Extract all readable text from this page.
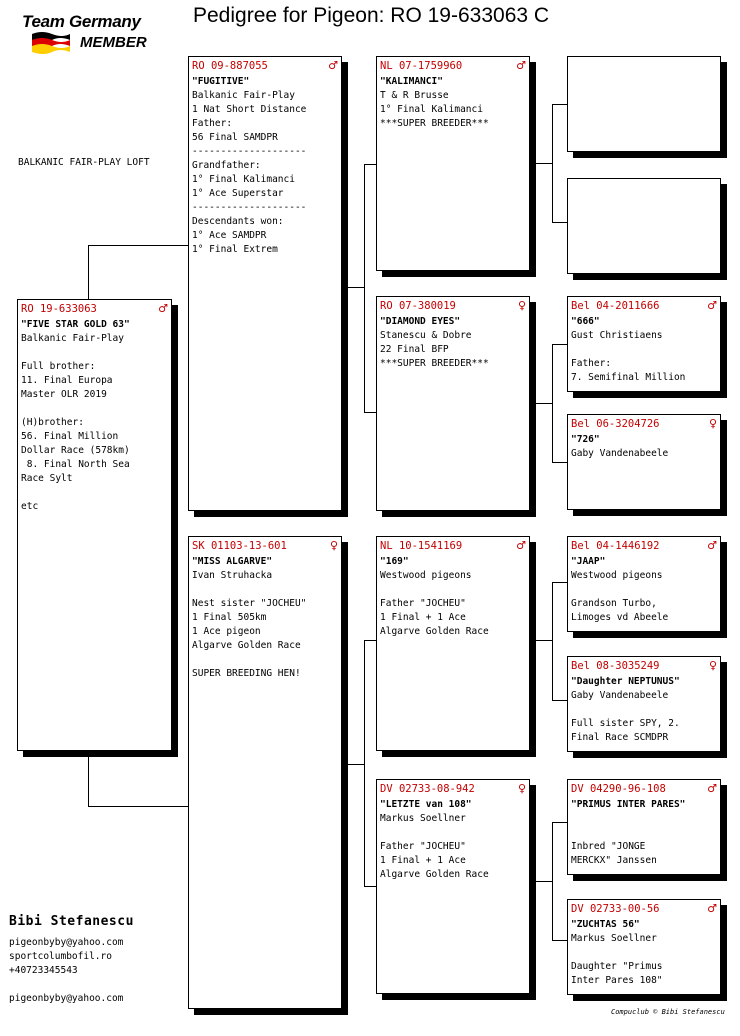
Team Germany
MEMBER
Pedigree for Pigeon: RO 19-633063 C
BALKANIC FAIR-PLAY LOFT
RO 19-633063	♂
"FIVE STAR GOLD 63"
Balkanic Fair-Play
Full brother:
11. Final Europa
Master OLR 2019
(H)brother:
56. Final Million
Dollar Race (578km)
8. Final North Sea
Race Sylt
etc
RO 09-887055	♂
"FUGITIVE"
Balkanic Fair-Play
1 Nat Short Distance
Father:
56 Final SAMDPR
--------------------
Grandfather:
1° Final Kalimanci
1° Ace Superstar
--------------------
Descendants won:
1° Ace SAMDPR
1° Final Extrem
SK 01103-13-601	♀
"MISS ALGARVE"
Ivan Struhacka
Nest sister "JOCHEU"
1 Final 505km
1 Ace pigeon
Algarve Golden Race
SUPER BREEDING HEN!
NL 07-1759960	♂
"KALIMANCI"
T & R Brusse
1° Final Kalimanci
***SUPER BREEDER***
RO 07-380019	♀
"DIAMOND EYES"
Stanescu & Dobre
22 Final BFP
***SUPER BREEDER***
NL 10-1541169	♂
"169"
Westwood pigeons
Father "JOCHEU"
1 Final + 1 Ace
Algarve Golden Race
DV 02733-08-942	♀
"LETZTE van 108"
Markus Soellner
Father "JOCHEU"
1 Final + 1 Ace
Algarve Golden Race
Bel 04-2011666	♂
"666"
Gust Christiaens
Father:
7. Semifinal Million
Bel 06-3204726	♀
"726"
Gaby Vandenabeele
Bel 04-1446192	♂
"JAAP"
Westwood pigeons
Grandson Turbo,
Limoges vd Abeele
Bel 08-3035249	♀
"Daughter NEPTUNUS"
Gaby Vandenabeele
Full sister SPY, 2.
Final Race SCMDPR
DV 04290-96-108	♂
"PRIMUS INTER PARES"
Inbred "JONGE
MERCKX" Janssen
DV 02733-00-56	♂
"ZUCHTAS 56"
Markus Soellner
Daughter "Primus
Inter Pares 108"
Bibi Stefanescu
pigeonbyby@yahoo.com
sportcolumbofil.ro
+40723345543
pigeonbyby@yahoo.com
Compuclub © Bibi Stefanescu
